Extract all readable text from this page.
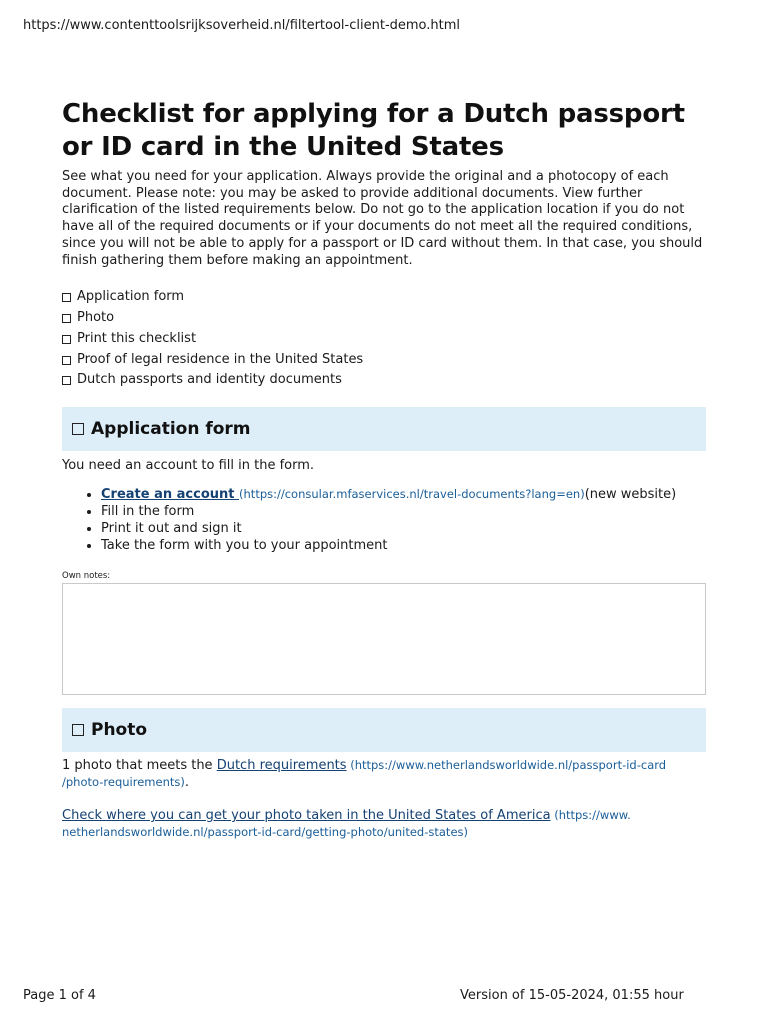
https://www.contenttoolsrijksoverheid.nl/filtertool-client-demo.html
Checklist for applying for a Dutch passport or ID card in the United States

See what you need for your application. Always provide the original and a photocopy of each document. Please note: you may be asked to provide additional documents. View further clarification of the listed requirements below. Do not go to the application location if you do not have all of the required documents or if your documents do not meet all the required conditions, since you will not be able to apply for a passport or ID card without them. In that case, you should finish gathering them before making an appointment.

Application form
Photo
Print this checklist
Proof of legal residence in the United States
Dutch passports and identity documents
Application form

You need an account to fill in the form.

• Create an account (https://consular.mfaservices.nl/travel-documents?lang=en)(new website)
• Fill in the form
• Print it out and sign it
• Take the form with you to your appointment
Own notes:
Photo

1 photo that meets the Dutch requirements (https://www.netherlandsworldwide.nl/passport-id-card
/photo-requirements).

Check where you can get your photo taken in the United States of America (https://www.
netherlandsworldwide.nl/passport-id-card/getting-photo/united-states)

Page 1 of 4	Version of 15-05-2024, 01:55 hour
